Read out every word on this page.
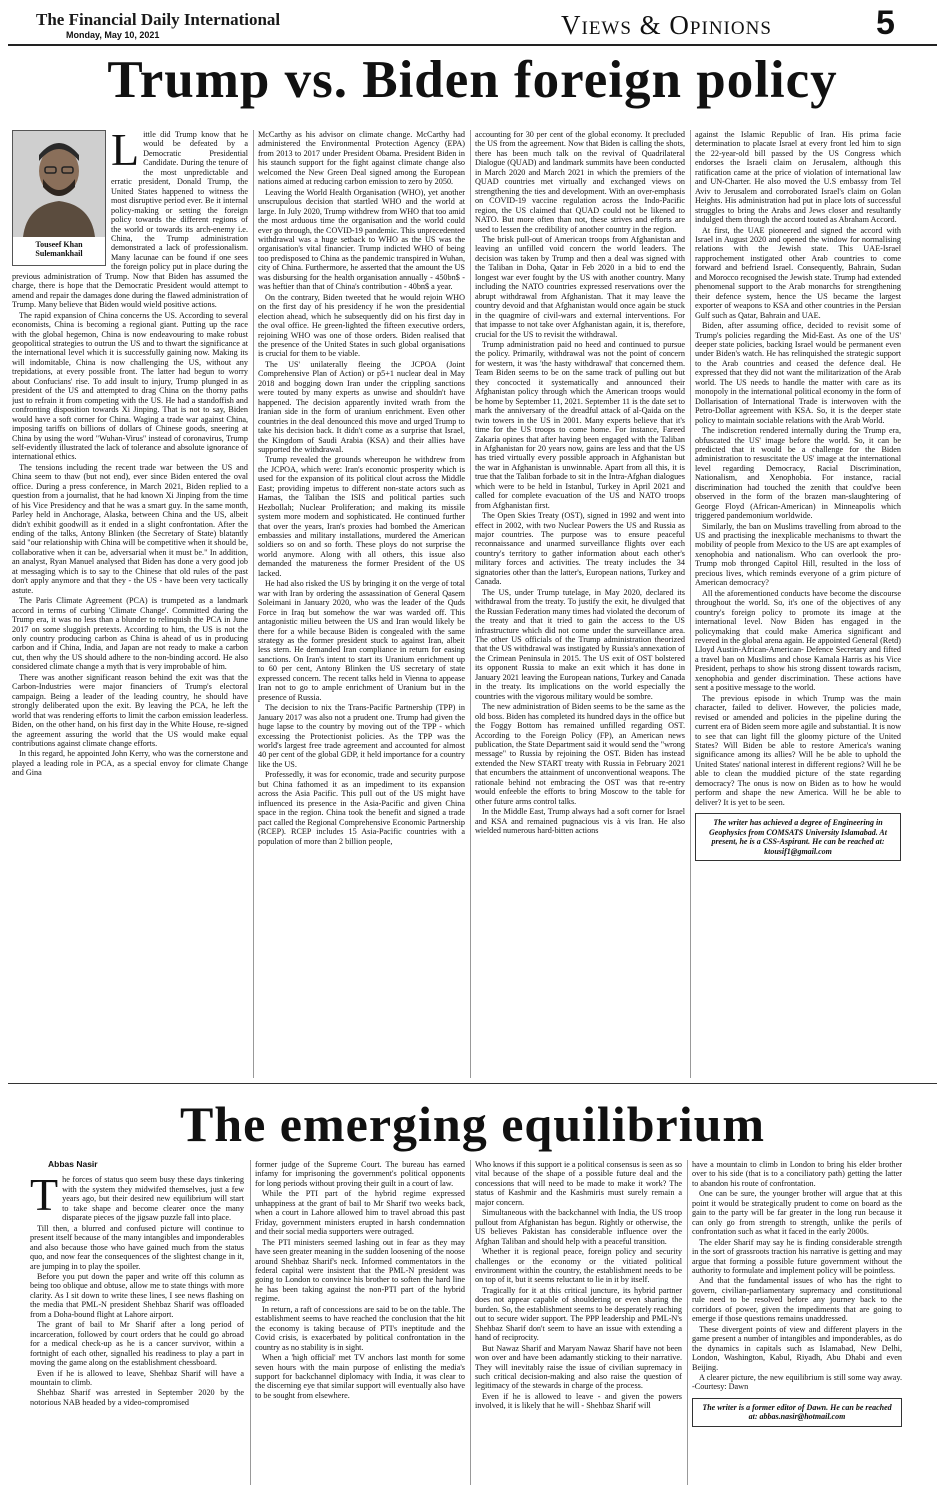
The Financial Daily International
Monday, May 10, 2021	Views & Opinions	5
Trump vs. Biden foreign policy
Touseef Khan
Sulemankhail
L ittle did Trump know that he would be defeated by a Democratic Presidential Candidate. During the tenure of the most unpredictable and erratic president, Donald Trump, the United States happened to witness the most disruptive period ever. Be it internal policy-making or setting the foreign policy towards the different regions of the world or towards its arch-enemy i.e. China, the Trump administration demonstrated a lack of professionalism. Many lacunae can be found if one sees the foreign policy put in place during the previous administration of Trump. Now that Biden has assumed the charge, there is hope that the Democratic President would attempt to amend and repair the damages done during the flawed administration of Trump. Many believe that Biden would wield positive actions.

The rapid expansion of China concerns the US. According to several economists, China is becoming a regional giant. Putting up the race with the global hegemon, China is now endeavouring to make robust geopolitical strategies to outrun the US and to thwart the significance at the international level which it is successfully gaining now. Making its will indomitable, China is now challenging the US, without any trepidations, at every possible front. The latter had begun to worry about Confucians' rise. To add insult to injury, Trump plunged in as president of the US and attempted to drag China on the thorny paths just to refrain it from competing with the US. He had a standoffish and confronting disposition towards Xi Jinping. That is not to say, Biden would have a soft corner for China. Waging a trade war against China, imposing tariffs on billions of dollars of Chinese goods, sneering at China by using the word "Wuhan-Virus" instead of coronavirus, Trump self-evidently illustrated the lack of tolerance and absolute ignorance of international ethics.

The tensions including the recent trade war between the US and China seem to thaw (but not end), ever since Biden entered the oval office. During a press conference, in March 2021, Biden replied to a question from a journalist, that he had known Xi Jinping from the time of his Vice Presidency and that he was a smart guy. In the same month, Parley held in Anchorage, Alaska, between China and the US, albeit didn't exhibit goodwill as it ended in a slight confrontation. After the ending of the talks, Antony Blinken (the Secretary of State) blatantly said "our relationship with China will be competitive when it should be, collaborative when it can be, adversarial when it must be." In addition, an analyst, Ryan Manuel analysed that Biden has done a very good job at messaging which is to say to the Chinese that old rules of the past don't apply anymore and that they - the US - have been very tactically astute.

The Paris Climate Agreement (PCA) is trumpeted as a landmark accord in terms of curbing 'Climate Change'. Committed during the Trump era, it was no less than a blunder to relinquish the PCA in June 2017 on some sluggish pretexts. According to him, the US is not the only country producing carbon as China is ahead of us in producing carbon and if China, India, and Japan are not ready to make a carbon cut, then why the US should adhere to the non-binding accord. He also considered climate change a myth that is very improbable of him.

There was another significant reason behind the exit was that the Carbon-Industries were major financiers of Trump's electoral campaign. Being a leader of the leading country, he should have strongly deliberated upon the exit. By leaving the PCA, he left the world that was rendering efforts to limit the carbon emission leaderless. Biden, on the other hand, on his first day in the White House, re-signed the agreement assuring the world that the US would make equal contributions against climate change efforts.

In this regard, he appointed John Kerry, who was the cornerstone and played a leading role in PCA, as a special envoy for climate Change and Gina

McCarthy as his advisor on climate change. McCarthy had administered the Environmental Protection Agency (EPA) from 2013 to 2017 under President Obama. President Biden in his staunch support for the fight against climate change also welcomed the New Green Deal signed among the European nations aimed at reducing carbon emission to zero by 2050.

Leaving the World Health Organisation (WHO), yet another unscrupulous decision that startled WHO and the world at large. In July 2020, Trump withdrew from WHO that too amid the most arduous time the organisation and the world could ever go through, the COVID-19 pandemic. This unprecedented withdrawal was a huge setback to WHO as the US was the organisation's vital financier. Trump indicted WHO of being too predisposed to China as the pandemic transpired in Wuhan, city of China. Furthermore, he asserted that the amount the US was disbursing for the health organisation annually - 450bn$ - was heftier than that of China's contribution - 40bn$ a year.

On the contrary, Biden tweeted that he would rejoin WHO on the first day of his presidency if he won the presidential election ahead, which he subsequently did on his first day in the oval office. He green-lighted the fifteen executive orders, rejoining WHO was one of those orders. Biden realised that the presence of the United States in such global organisations is crucial for them to be viable.

The US' unilaterally fleeing the JCPOA (Joint Comprehensive Plan of Action) or p5+1 nuclear deal in May 2018 and bogging down Iran under the crippling sanctions were touted by many experts as unwise and shouldn't have happened. The decision apparently invited wrath from the Iranian side in the form of uranium enrichment. Even other countries in the deal denounced this move and urged Trump to take his decision back. It didn't come as a surprise that Israel, the Kingdom of Saudi Arabia (KSA) and their allies have supported the withdrawal.

Trump revealed the grounds whereupon he withdrew from the JCPOA, which were: Iran's economic prosperity which is used for the expansion of its political clout across the Middle East; providing impetus to different non-state actors such as Hamas, the Taliban the ISIS and political parties such Hezbollah; Nuclear Proliferation; and making its missile system more modern and sophisticated. He continued further that over the years, Iran's proxies had bombed the American embassies and military installations, murdered the American soldiers so on and so forth. These ploys do not surprise the world anymore. Along with all others, this issue also demanded the matureness the former President of the US lacked.

He had also risked the US by bringing it on the verge of total war with Iran by ordering the assassination of General Qasem Soleimani in January 2020, who was the leader of the Quds Force in Iraq but somehow the war was warded off. This antagonistic milieu between the US and Iran would likely be there for a while because Biden is congealed with the same strategy as the former president stuck to against Iran, albeit less stern. He demanded Iran compliance in return for easing sanctions. On Iran's intent to start its Uranium enrichment up to 60 per cent, Antony Blinken the US secretary of state expressed concern. The recent talks held in Vienna to appease Iran not to go to ample enrichment of Uranium but in the presence of Russia.

The decision to nix the Trans-Pacific Partnership (TPP) in January 2017 was also not a prudent one. Trump had given the huge lapse to the country by moving out of the TPP - which excessing the Protectionist policies. As the TPP was the world's largest free trade agreement and accounted for almost 40 per cent of the global GDP, it held importance for a country like the US.

Professedly, it was for economic, trade and security purpose but China fathomed it as an impediment to its expansion across the Asia Pacific. This pull out of the US might have influenced its presence in the Asia-Pacific and given China space in the region. China took the benefit and signed a trade pact called the Regional Comprehensive Economic Partnership (RCEP). RCEP includes 15 Asia-Pacific countries with a population of more than 2 billion people,

accounting for 30 per cent of the global economy. It precluded the US from the agreement. Now that Biden is calling the shots, there has been much talk on the revival of Quadrilateral Dialogue (QUAD) and landmark summits have been conducted in March 2020 and March 2021 in which the premiers of the QUAD countries met virtually and exchanged views on strengthening the ties and development. With an over-emphasis on COVID-19 vaccine regulation across the Indo-Pacific region, the US claimed that QUAD could not be likened to NATO. But more often than not, these strives and efforts are used to lessen the credibility of another country in the region.

The brisk pull-out of American troops from Afghanistan and leaving an unfilled void concern the world leaders. The decision was taken by Trump and then a deal was signed with the Taliban in Doha, Qatar in Feb 2020 in a bid to end the longest war ever fought by the US with another country. Many including the NATO countries expressed reservations over the abrupt withdrawal from Afghanistan. That it may leave the country devoid and that Afghanistan would once again be stuck in the quagmire of civil-wars and external interventions. For that impasse to not take over Afghanistan again, it is, therefore, crucial for the US to revisit the withdrawal.

Trump administration paid no heed and continued to pursue the policy. Primarily, withdrawal was not the point of concern for western, it was 'the hasty withdrawal' that concerned them. Team Biden seems to be on the same track of pulling out but they concocted it systematically and announced their Afghanistan policy through which the American troops would be home by September 11, 2021. September 11 is the date set to mark the anniversary of the dreadful attack of al-Qaida on the twin towers in the US in 2001. Many experts believe that it's time for the US troops to come home. For instance, Fareed Zakaria opines that after having been engaged with the Taliban in Afghanistan for 20 years now, gains are less and that the US has tried virtually every possible approach in Afghanistan but the war in Afghanistan is unwinnable. Apart from all this, it is true that the Taliban forbade to sit in the Intra-Afghan dialogues which were to be held in Istanbul, Turkey in April 2021 and called for complete evacuation of the US and NATO troops from Afghanistan first.

The Open Skies Treaty (OST), signed in 1992 and went into effect in 2002, with two Nuclear Powers the US and Russia as major countries. The purpose was to ensure peaceful reconnaissance and unarmed surveillance flights over each country's territory to gather information about each other's military forces and activities. The treaty includes the 34 signatories other than the latter's, European nations, Turkey and Canada.

The US, under Trump tutelage, in May 2020, declared its withdrawal from the treaty. To justify the exit, he divulged that the Russian Federation many times had violated the decorum of the treaty and that it tried to gain the access to the US infrastructure which did not come under the surveillance area. The other US officials of the Trump administration theorized that the US withdrawal was instigated by Russia's annexation of the Crimean Peninsula in 2015. The US exit of OST bolstered its opponent Russia to make an exit which it has done in January 2021 leaving the European nations, Turkey and Canada in the treaty. Its implications on the world especially the countries with the vigorous military would be sombre.

The new administration of Biden seems to be the same as the old boss. Biden has completed its hundred days in the office but the Foggy Bottom has remained unfilled regarding OST. According to the Foreign Policy (FP), an American news publication, the State Department said it would send the "wrong message" to Russia by rejoining the OST. Biden has instead extended the New START treaty with Russia in February 2021 that encumbers the attainment of unconventional weapons. The rationale behind not embracing the OST was that re-entry would enfeeble the efforts to bring Moscow to the table for other future arms control talks.

In the Middle East, Trump always had a soft corner for Israel and KSA and remained pugnacious vis à vis Iran. He also wielded numerous hard-bitten actions

against the Islamic Republic of Iran. His prima facie determination to placate Israel at every front led him to sign the 22-year-old bill passed by the US Congress which endorses the Israeli claim on Jerusalem, although this ratification came at the price of violation of international law and UN-Charter. He also moved the U.S embassy from Tel Aviv to Jerusalem and corroborated Israel's claim on Golan Heights. His administration had put in place lots of successful struggles to bring the Arabs and Jews closer and resultantly indulged them through the accord touted as Abraham Accord.

At first, the UAE pioneered and signed the accord with Israel in August 2020 and opened the window for normalising relations with the Jewish state. This UAE-Israel rapprochement instigated other Arab countries to come forward and befriend Israel. Consequently, Bahrain, Sudan and Morocco recognised the Jewish state. Trump had extended phenomenal support to the Arab monarchs for strengthening their defence system, hence the US became the largest exporter of weapons to KSA and other countries in the Persian Gulf such as Qatar, Bahrain and UAE.

Biden, after assuming office, decided to revisit some of Trump's policies regarding the Mid-East. As one of the US' deeper state policies, backing Israel would be permanent even under Biden's watch. He has relinquished the strategic support to the Arab countries and ceased the defence deal. He expressed that they did not want the militarization of the Arab world. The US needs to handle the matter with care as its monopoly in the international political economy in the form of Dollarisation of International Trade is interwoven with the Petro-Dollar agreement with KSA. So, it is the deeper state policy to maintain sociable relations with the Arab World.

The indiscretion rendered internally during the Trump era, obfuscated the US' image before the world. So, it can be predicted that it would be a challenge for the Biden administration to resuscitate the US' image at the international level regarding Democracy, Racial Discrimination, Nationalism, and Xenophobia. For instance, racial discrimination had touched the zenith that could've been observed in the form of the brazen man-slaughtering of George Floyd (African-American) in Minneapolis which triggered pandemonium worldwide.

Similarly, the ban on Muslims travelling from abroad to the US and practising the inexplicable mechanisms to thwart the mobility of people from Mexico to the US are apt examples of xenophobia and nationalism. Who can overlook the pro-Trump mob thronged Capitol Hill, resulted in the loss of precious lives, which reminds everyone of a grim picture of American democracy?

All the aforementioned conducts have become the discourse throughout the world. So, it's one of the objectives of any country's foreign policy to promote its image at the international level. Now Biden has engaged in the policymaking that could make America significant and revered in the global arena again. He appointed General (Retd) Lloyd Austin-African-American- Defence Secretary and fifted a travel ban on Muslims and chose Kamala Harris as his Vice President, perhaps to show his strong dissent towards racism, xenophobia and gender discrimination. These actions have sent a positive message to the world.

The previous episode in which Trump was the main character, failed to deliver. However, the policies made, revised or amended and policies in the pipeline during the current era of Biden seem more agile and substantial. It is now to see that can light fill the gloomy picture of the United States? Will Biden be able to restore America's waning significance among its allies? Will he be able to uphold the United States' national interest in different regions? Will he be able to clean the muddied picture of the state regarding democracy? The onus is now on Biden as to how he would perform and shape the new America. Will he be able to deliver? It is yet to be seen.

The writer has achieved a degree of Engineering in Geophysics from COMSATS University Islamabad. At present, he is a CSS-Aspirant. He can be reached at: ktousif1@gmail.com
The emerging equilibrium
Abbas Nasir
T he forces of status quo seem busy these days tinkering with the system they midwifed themselves, just a few years ago, but their desired new equilibrium will start to take shape and become clearer once the many disparate pieces of the jigsaw puzzle fall into place.

Till then, a blurred and confused picture will continue to present itself because of the many intangibles and imponderables and also because those who have gained much from the status quo, and now fear the consequences of the slightest change in it, are jumping in to play the spoiler.

Before you put down the paper and write off this column as being too oblique and obtuse, allow me to state things with more clarity. As I sit down to write these lines, I see news flashing on the media that PML-N president Shehbaz Sharif was offloaded from a Doha-bound flight at Lahore airport.

The grant of bail to Mr Sharif after a long period of incarceration, followed by court orders that he could go abroad for a medical check-up as he is a cancer survivor, within a fortnight of each other, signalled his readiness to play a part in moving the game along on the establishment chessboard.

Even if he is allowed to leave, Shehbaz Sharif will have a mountain to climb.

Shehbaz Sharif was arrested in September 2020 by the notorious NAB headed by a video-compromised

former judge of the Supreme Court. The bureau has earned infamy for imprisoning the government's political opponents for long periods without proving their guilt in a court of law.

While the PTI part of the hybrid regime expressed unhappiness at the grant of bail to Mr Sharif two weeks back, when a court in Lahore allowed him to travel abroad this past Friday, government ministers erupted in harsh condemnation and their social media supporters were outraged.

The PTI ministers seemed lashing out in fear as they may have seen greater meaning in the sudden loosening of the noose around Shehbaz Sharif's neck. Informed commentators in the federal capital were insistent that the PML-N president was going to London to convince his brother to soften the hard line he has been taking against the non-PTI part of the hybrid regime.

In return, a raft of concessions are said to be on the table. The establishment seems to have reached the conclusion that the hit the economy is taking because of PTI's ineptitude and the Covid crisis, is exacerbated by political confrontation in the country as no stability is in sight.

When a 'high official' met TV anchors last month for some seven hours with the main purpose of enlisting the media's support for backchannel diplomacy with India, it was clear to the discerning eye that similar support will eventually also have to be sought from elsewhere.

Who knows if this support ie a political consensus is seen as so vital because of the shape of a possible future deal and the concessions that will need to be made to make it work? The status of Kashmir and the Kashmiris must surely remain a major concern.

Simultaneous with the backchannel with India, the US troop pullout from Afghanistan has begun. Rightly or otherwise, the US believes Pakistan has considerable influence over the Afghan Taliban and should help with a peaceful transition.

Whether it is regional peace, foreign policy and security challenges or the economy or the vitiated political environment within the country, the establishment needs to be on top of it, but it seems reluctant to lie in it by itself.

Tragically for it at this critical juncture, its hybrid partner does not appear capable of shouldering or even sharing the burden. So, the establishment seems to be desperately reaching out to secure wider support. The PPP leadership and PML-N's Shehbaz Sharif don't seem to have an issue with extending a hand of reciprocity.

But Nawaz Sharif and Maryam Nawaz Sharif have not been won over and have been adamantly sticking to their narrative. They will inevitably raise the issue of civilian supremacy in such critical decision-making and also raise the question of legitimacy of the stewards in charge of the process.

Even if he is allowed to leave - and given the powers involved, it is likely that he will - Shehbaz Sharif will

have a mountain to climb in London to bring his elder brother over to his side (that is to a conciliatory path) getting the latter to abandon his route of confrontation.

One can be sure, the younger brother will argue that at this point it would be strategically prudent to come on board as the gain to the party will be far greater in the long run because it can only go from strength to strength, unlike the perils of confrontation such as what it faced in the early 2000s.

The elder Sharif may say he is finding considerable strength in the sort of grassroots traction his narrative is getting and may argue that forming a possible future government without the authority to formulate and implement policy will be pointless.

And that the fundamental issues of who has the right to govern, civilian-parliamentary supremacy and constitutional rule need to be resolved before any journey back to the corridors of power, given the impediments that are going to emerge if those questions remains unaddressed.

These divergent points of view and different players in the game present a number of intangibles and imponderables, as do the dynamics in capitals such as Islamabad, New Delhi, London, Washington, Kabul, Riyadh, Abu Dhabi and even Beijing.

A clearer picture, the new equilibrium is still some way away. -Courtesy: Dawn

The writer is a former editor of Dawn. He can be reached at: abbas.nasir@hotmail.com
